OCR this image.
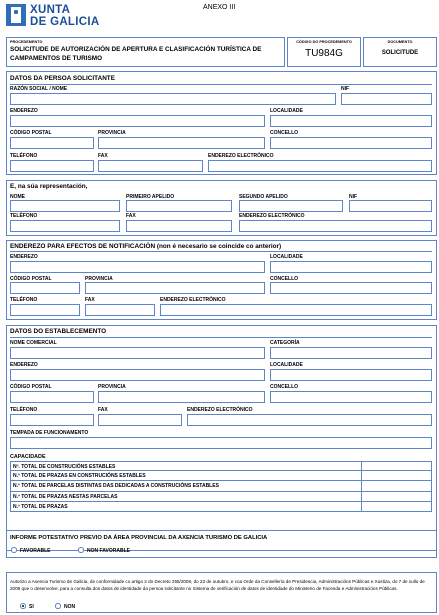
XUNTA
DE GALICIA
ANEXO III
PROCEDEMENTO
SOLICITUDE DE AUTORIZACIÓN DE APERTURA E CLASIFICACIÓN TURÍSTICA DE CAMPAMENTOS DE TURISMO
CÓDIGO DO PROCEDEMENTO
TU984G
DOCUMENTO
SOLICITUDE
DATOS DA PERSOA SOLICITANTE
RAZÓN SOCIAL / NOME	NIF
ENDEREZO	LOCALIDADE
CÓDIGO POSTAL	PROVINCIA	CONCELLO
TELÉFONO	FAX	ENDEREZO ELECTRÓNICO
E, na súa representación,
NOME	PRIMEIRO APELIDO	SEGUNDO APELIDO	NIF
TELÉFONO	FAX	ENDEREZO ELECTRÓNICO
ENDEREZO PARA EFECTOS DE NOTIFICACIÓN (non é necesario se coincide co anterior)
ENDEREZO	LOCALIDADE
CÓDIGO POSTAL	PROVINCIA	CONCELLO
TELÉFONO	FAX	ENDEREZO ELECTRÓNICO
DATOS DO ESTABLECEMENTO
NOME COMERCIAL	CATEGORÍA
ENDEREZO	LOCALIDADE
CÓDIGO POSTAL	PROVINCIA	CONCELLO
TELÉFONO	FAX	ENDEREZO ELECTRÓNICO
TEMPADA DE FUNCIONAMENTO
CAPACIDADE
Nº. TOTAL DE CONSTRUCIÓNS ESTABLES
N.º TOTAL DE PRAZAS EN CONSTRUCIÓNS ESTABLES
N.º TOTAL DE PARCELAS DISTINTAS DAS DEDICADAS A CONSTRUCIÓNS ESTABLES
N.º TOTAL DE PRAZAS NESTAS PARCELAS
N.º TOTAL DE PRAZAS
INFORME POTESTATIVO PREVIO DA ÁREA PROVINCIAL DA AXENCIA TURISMO DE GALICIA
FAVORABLE	NON FAVORABLE
Autorizo a Axencia Turismo de Galicia, de conformidade co artigo 2 do Decreto 255/2008, do 23 de outubro, e coa Orde da Consellería de Presidencia, Administracións Públicas e Xustiza, do 7 de xullo de 2009 que o desenvolve, para a consulta dos datos de identidade da persoa solicitante no Sistema de verificación de datos de identidade do Ministerio de Facenda e Administracións Públicas.
SI	NON
